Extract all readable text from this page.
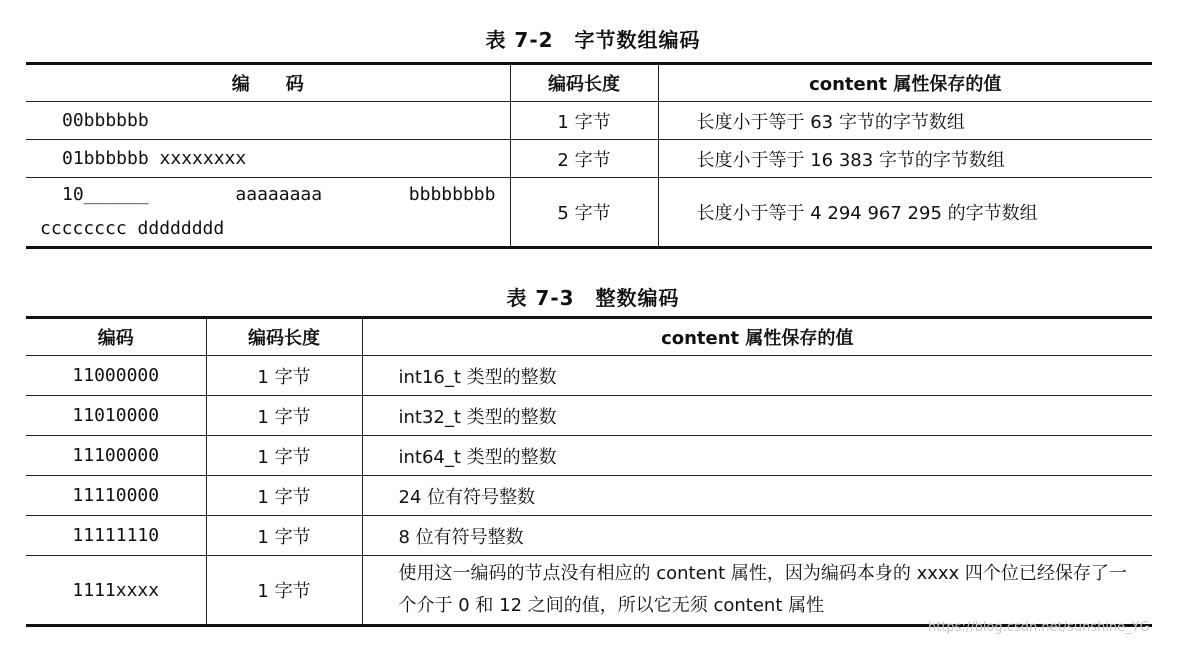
表 7-2　字节数组编码
编　　码	编码长度	content 属性保存的值
00bbbbbb	1 字节	长度小于等于 63 字节的字节数组
01bbbbbb xxxxxxxx	2 字节	长度小于等于 16 383 字节的字节数组

10______ aaaaaaaa bbbbbbbb
cccccccc dddddddd	5 字节	长度小于等于 4 294 967 295 的字节数组
表 7-3　整数编码
编码	编码长度	content 属性保存的值
11000000	1 字节	int16_t 类型的整数
11010000	1 字节	int32_t 类型的整数
11100000	1 字节	int64_t 类型的整数
11110000	1 字节	24 位有符号整数
11111110	1 字节	8 位有符号整数
1111xxxx	1 字节	使用这一编码的节点没有相应的 content 属性，因为编码本身的 xxxx 四个位已经保存了一个介于 0 和 12 之间的值，所以它无须 content 属性
https://blog.csdn.net/sunshine_YG
